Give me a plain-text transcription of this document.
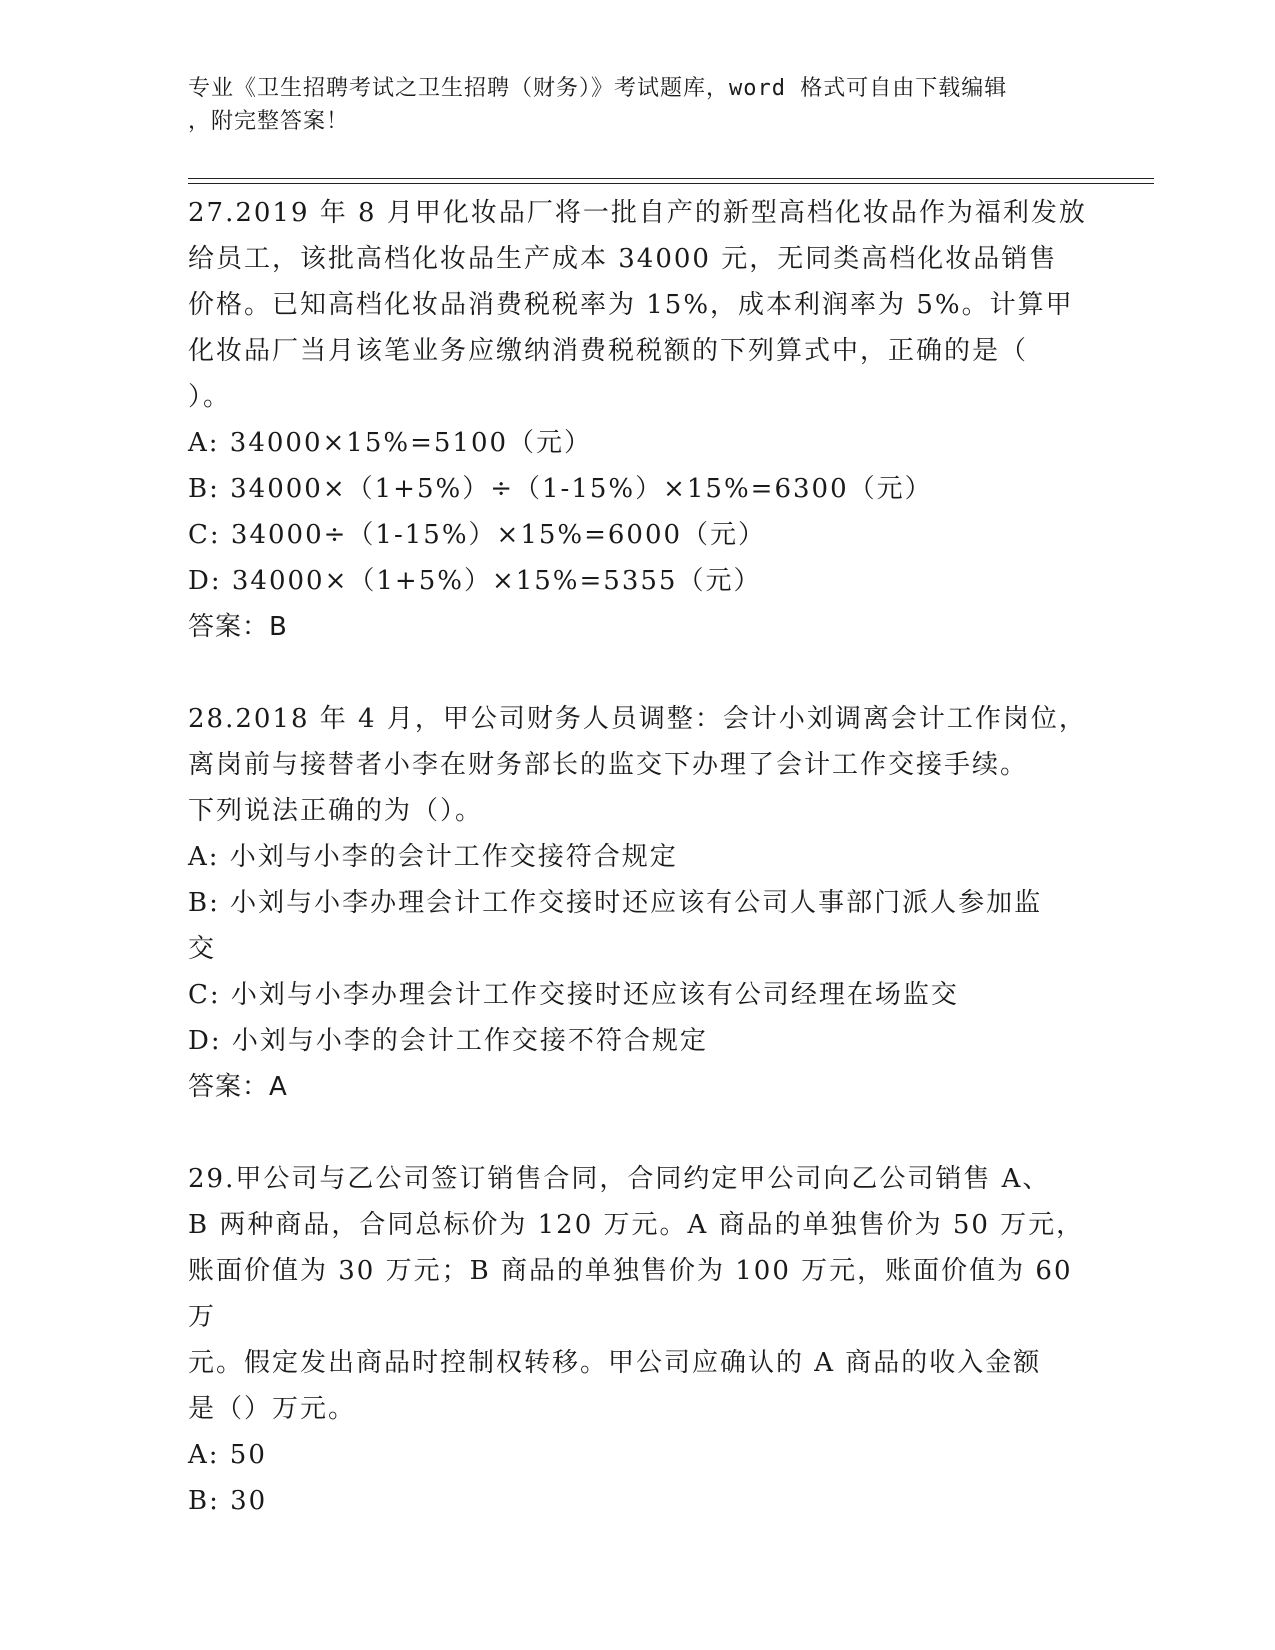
专业《卫生招聘考试之卫生招聘（财务）》考试题库，word 格式可自由下载编辑
，附完整答案！

27.2019 年 8 月甲化妆品厂将一批自产的新型高档化妆品作为福利发放

给员工，该批高档化妆品生产成本 34000 元，无同类高档化妆品销售

价格。已知高档化妆品消费税税率为 15%，成本利润率为 5%。计算甲

化妆品厂当月该笔业务应缴纳消费税税额的下列算式中，正确的是（

）。

A: 34000×15%=5100（元）

B: 34000×（1+5%）÷（1-15%）×15%=6300（元）

C: 34000÷（1-15%）×15%=6000（元）

D: 34000×（1+5%）×15%=5355（元）

答案：B

28.2018 年 4 月，甲公司财务人员调整：会计小刘调离会计工作岗位，

离岗前与接替者小李在财务部长的监交下办理了会计工作交接手续。

下列说法正确的为（）。

A: 小刘与小李的会计工作交接符合规定

B: 小刘与小李办理会计工作交接时还应该有公司人事部门派人参加监

交

C: 小刘与小李办理会计工作交接时还应该有公司经理在场监交

D: 小刘与小李的会计工作交接不符合规定

答案：A

29.甲公司与乙公司签订销售合同，合同约定甲公司向乙公司销售 A、

B 两种商品，合同总标价为 120 万元。A 商品的单独售价为 50 万元，

账面价值为 30 万元；B 商品的单独售价为 100 万元，账面价值为 60 万

元。假定发出商品时控制权转移。甲公司应确认的 A 商品的收入金额

是（）万元。

A: 50

B: 30
